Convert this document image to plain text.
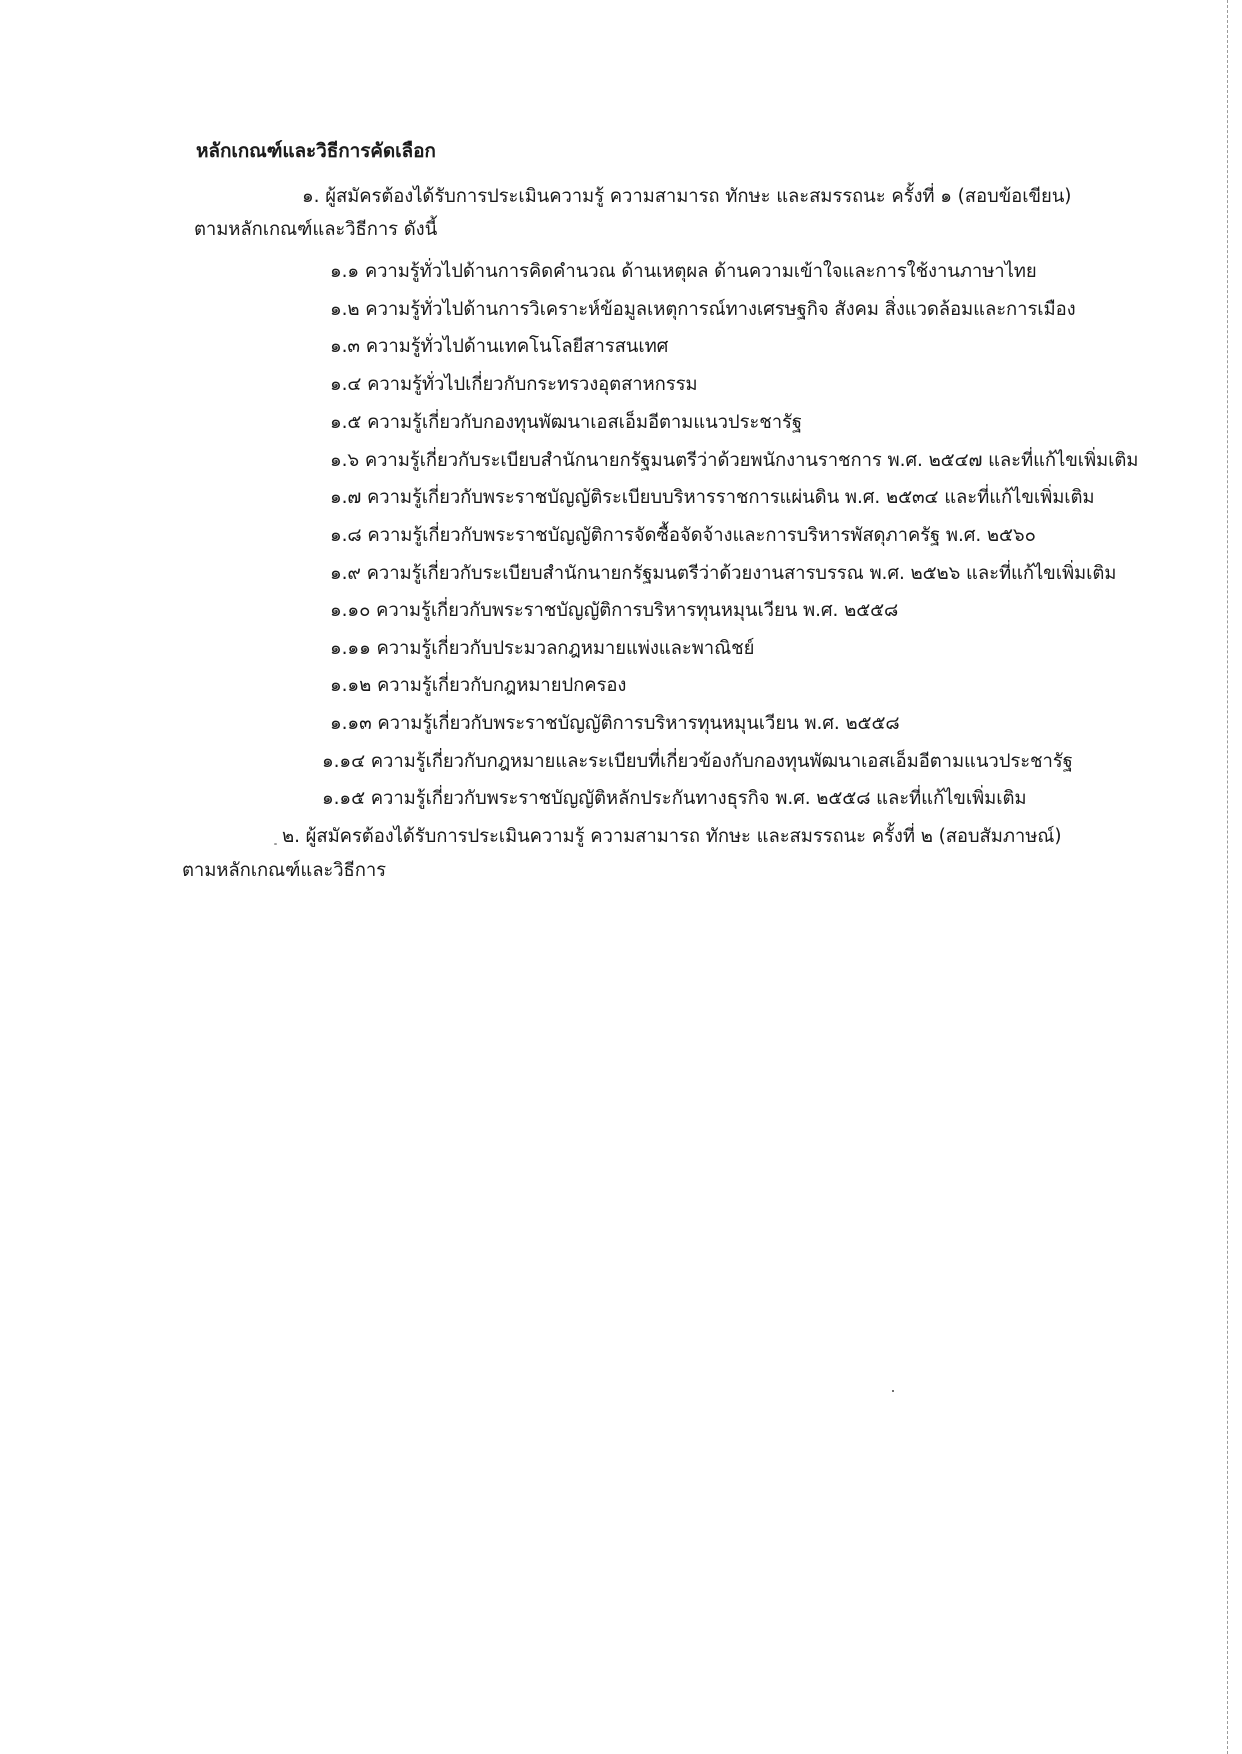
หลักเกณฑ์และวิธีการคัดเลือก
๑. ผู้สมัครต้องได้รับการประเมินความรู้ ความสามารถ ทักษะ และสมรรถนะ ครั้งที่ ๑ (สอบข้อเขียน)
ตามหลักเกณฑ์และวิธีการ ดังนี้
๑.๑ ความรู้ทั่วไปด้านการคิดคำนวณ ด้านเหตุผล ด้านความเข้าใจและการใช้งานภาษาไทย
๑.๒ ความรู้ทั่วไปด้านการวิเคราะห์ข้อมูลเหตุการณ์ทางเศรษฐกิจ สังคม สิ่งแวดล้อมและการเมือง
๑.๓ ความรู้ทั่วไปด้านเทคโนโลยีสารสนเทศ
๑.๔ ความรู้ทั่วไปเกี่ยวกับกระทรวงอุตสาหกรรม
๑.๕ ความรู้เกี่ยวกับกองทุนพัฒนาเอสเอ็มอีตามแนวประชารัฐ
๑.๖ ความรู้เกี่ยวกับระเบียบสำนักนายกรัฐมนตรีว่าด้วยพนักงานราชการ พ.ศ. ๒๕๔๗ และที่แก้ไขเพิ่มเติม
๑.๗ ความรู้เกี่ยวกับพระราชบัญญัติระเบียบบริหารราชการแผ่นดิน พ.ศ. ๒๕๓๔ และที่แก้ไขเพิ่มเติม
๑.๘ ความรู้เกี่ยวกับพระราชบัญญัติการจัดซื้อจัดจ้างและการบริหารพัสดุภาครัฐ พ.ศ. ๒๕๖๐
๑.๙ ความรู้เกี่ยวกับระเบียบสำนักนายกรัฐมนตรีว่าด้วยงานสารบรรณ พ.ศ. ๒๕๒๖ และที่แก้ไขเพิ่มเติม
๑.๑๐ ความรู้เกี่ยวกับพระราชบัญญัติการบริหารทุนหมุนเวียน พ.ศ. ๒๕๕๘
๑.๑๑ ความรู้เกี่ยวกับประมวลกฎหมายแพ่งและพาณิชย์
๑.๑๒ ความรู้เกี่ยวกับกฎหมายปกครอง
๑.๑๓ ความรู้เกี่ยวกับพระราชบัญญัติการบริหารทุนหมุนเวียน พ.ศ. ๒๕๕๘
๑.๑๔ ความรู้เกี่ยวกับกฎหมายและระเบียบที่เกี่ยวข้องกับกองทุนพัฒนาเอสเอ็มอีตามแนวประชารัฐ
๑.๑๕ ความรู้เกี่ยวกับพระราชบัญญัติหลักประกันทางธุรกิจ พ.ศ. ๒๕๕๘ และที่แก้ไขเพิ่มเติม
๒. ผู้สมัครต้องได้รับการประเมินความรู้ ความสามารถ ทักษะ และสมรรถนะ ครั้งที่ ๒ (สอบสัมภาษณ์)
ตามหลักเกณฑ์และวิธีการ
